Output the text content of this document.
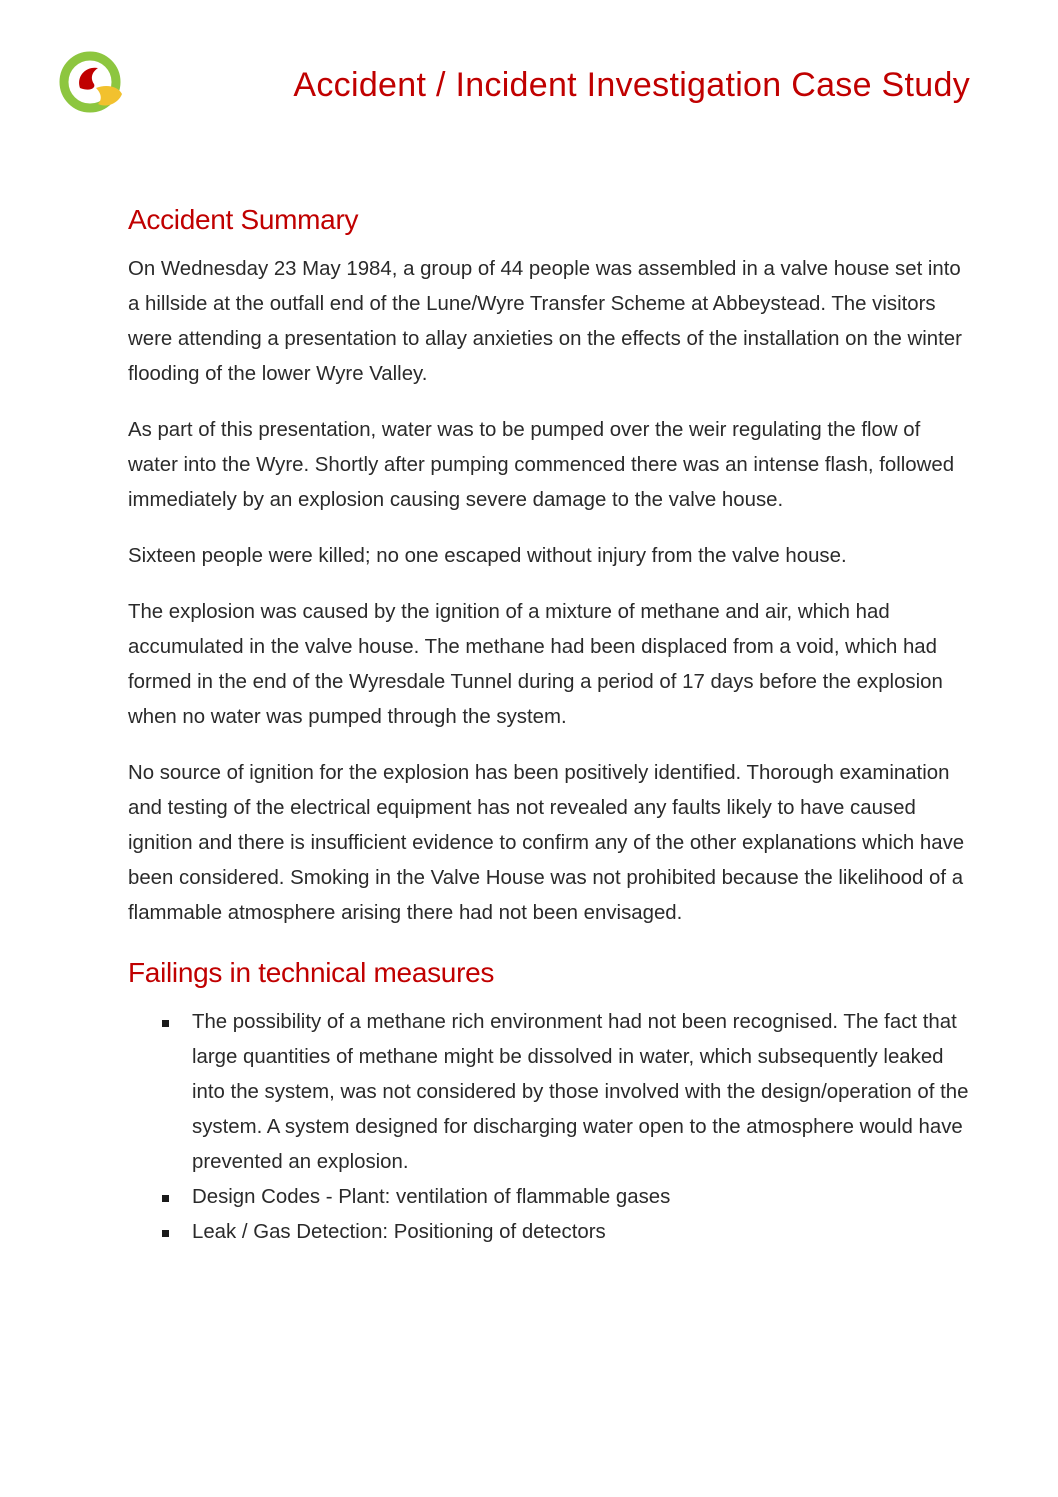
Accident / Incident Investigation Case Study
Accident Summary

On Wednesday 23 May 1984, a group of 44 people was assembled in a valve house set into a hillside at the outfall end of the Lune/Wyre Transfer Scheme at Abbeystead. The visitors were attending a presentation to allay anxieties on the effects of the installation on the winter flooding of the lower Wyre Valley.

As part of this presentation, water was to be pumped over the weir regulating the flow of water into the Wyre. Shortly after pumping commenced there was an intense flash, followed immediately by an explosion causing severe damage to the valve house.

Sixteen people were killed; no one escaped without injury from the valve house.

The explosion was caused by the ignition of a mixture of methane and air, which had accumulated in the valve house. The methane had been displaced from a void, which had formed in the end of the Wyresdale Tunnel during a period of 17 days before the explosion when no water was pumped through the system.

No source of ignition for the explosion has been positively identified. Thorough examination and testing of the electrical equipment has not revealed any faults likely to have caused ignition and there is insufficient evidence to confirm any of the other explanations which have been considered. Smoking in the Valve House was not prohibited because the likelihood of a flammable atmosphere arising there had not been envisaged.

Failings in technical measures
The possibility of a methane rich environment had not been recognised. The fact that large quantities of methane might be dissolved in water, which subsequently leaked into the system, was not considered by those involved with the design/operation of the system. A system designed for discharging water open to the atmosphere would have prevented an explosion.
Design Codes - Plant: ventilation of flammable gases
Leak / Gas Detection: Positioning of detectors
